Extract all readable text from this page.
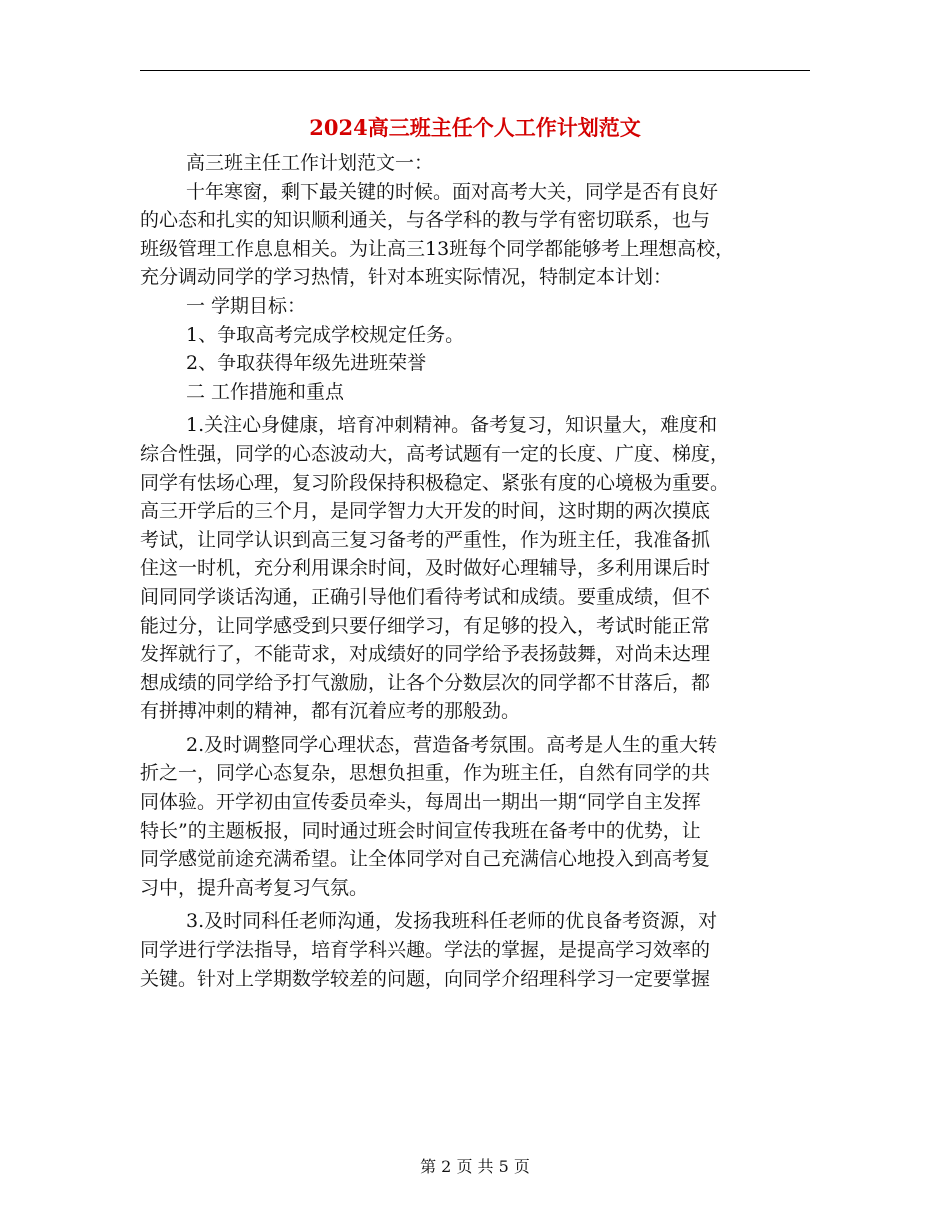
2024高三班主任个人工作计划范文
高三班主任工作计划范文一：
十年寒窗，剩下最关键的时候。面对高考大关，同学是否有良好
的心态和扎实的知识顺利通关，与各学科的教与学有密切联系，也与
班级管理工作息息相关。为让高三13班每个同学都能够考上理想高校，
充分调动同学的学习热情，针对本班实际情况，特制定本计划：
一 学期目标：
1、争取高考完成学校规定任务。
2、争取获得年级先进班荣誉
二 工作措施和重点
1.关注心身健康，培育冲刺精神。备考复习，知识量大，难度和
综合性强，同学的心态波动大，高考试题有一定的长度、广度、梯度，
同学有怯场心理，复习阶段保持积极稳定、紧张有度的心境极为重要。
高三开学后的三个月，是同学智力大开发的时间，这时期的两次摸底
考试，让同学认识到高三复习备考的严重性，作为班主任，我准备抓
住这一时机，充分利用课余时间，及时做好心理辅导，多利用课后时
间同同学谈话沟通，正确引导他们看待考试和成绩。要重成绩，但不
能过分，让同学感受到只要仔细学习，有足够的投入，考试时能正常
发挥就行了，不能苛求，对成绩好的同学给予表扬鼓舞，对尚未达理
想成绩的同学给予打气激励，让各个分数层次的同学都不甘落后，都
有拼搏冲刺的精神，都有沉着应考的那般劲。
2.及时调整同学心理状态，营造备考氛围。高考是人生的重大转
折之一，同学心态复杂，思想负担重，作为班主任，自然有同学的共
同体验。开学初由宣传委员牵头，每周出一期出一期“同学自主发挥
特长”的主题板报，同时通过班会时间宣传我班在备考中的优势，让
同学感觉前途充满希望。让全体同学对自己充满信心地投入到高考复
习中，提升高考复习气氛。
3.及时同科任老师沟通，发扬我班科任老师的优良备考资源，对
同学进行学法指导，培育学科兴趣。学法的掌握，是提高学习效率的
关键。针对上学期数学较差的问题，向同学介绍理科学习一定要掌握
第 2 页 共 5 页
